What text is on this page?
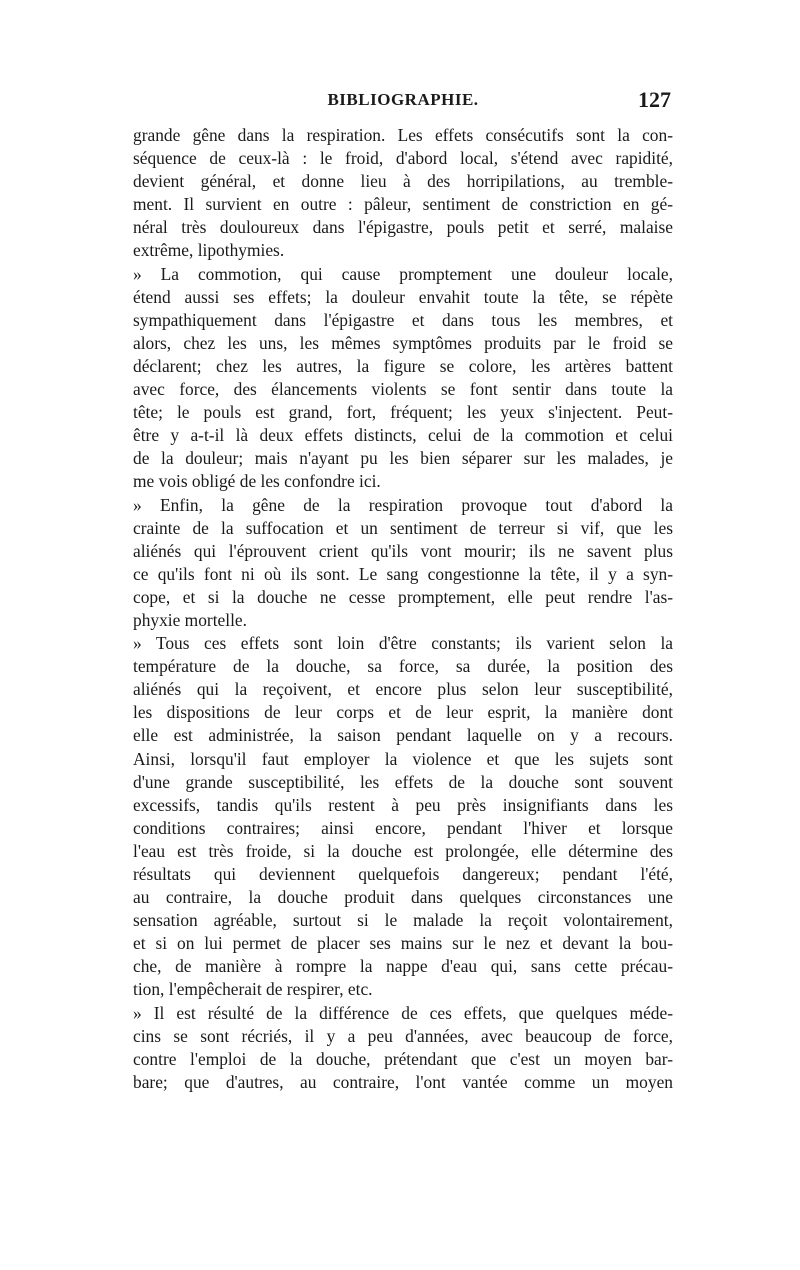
BIBLIOGRAPHIE.	127
grande gêne dans la respiration. Les effets consécutifs sont la con-
séquence de ceux-là : le froid, d'abord local, s'étend avec rapidité,
devient général, et donne lieu à des horripilations, au tremble-
ment. Il survient en outre : pâleur, sentiment de constriction en gé-
néral très douloureux dans l'épigastre, pouls petit et serré, malaise
extrême, lipothymies.
» La commotion, qui cause promptement une douleur locale,
étend aussi ses effets; la douleur envahit toute la tête, se répète
sympathiquement dans l'épigastre et dans tous les membres, et
alors, chez les uns, les mêmes symptômes produits par le froid se
déclarent; chez les autres, la figure se colore, les artères battent
avec force, des élancements violents se font sentir dans toute la
tête; le pouls est grand, fort, fréquent; les yeux s'injectent. Peut-
être y a-t-il là deux effets distincts, celui de la commotion et celui
de la douleur; mais n'ayant pu les bien séparer sur les malades, je
me vois obligé de les confondre ici.
» Enfin, la gêne de la respiration provoque tout d'abord la
crainte de la suffocation et un sentiment de terreur si vif, que les
aliénés qui l'éprouvent crient qu'ils vont mourir; ils ne savent plus
ce qu'ils font ni où ils sont. Le sang congestionne la tête, il y a syn-
cope, et si la douche ne cesse promptement, elle peut rendre l'as-
phyxie mortelle.
» Tous ces effets sont loin d'être constants; ils varient selon la
température de la douche, sa force, sa durée, la position des
aliénés qui la reçoivent, et encore plus selon leur susceptibilité,
les dispositions de leur corps et de leur esprit, la manière dont
elle est administrée, la saison pendant laquelle on y a recours.
Ainsi, lorsqu'il faut employer la violence et que les sujets sont
d'une grande susceptibilité, les effets de la douche sont souvent
excessifs, tandis qu'ils restent à peu près insignifiants dans les
conditions contraires; ainsi encore, pendant l'hiver et lorsque
l'eau est très froide, si la douche est prolongée, elle détermine des
résultats qui deviennent quelquefois dangereux; pendant l'été,
au contraire, la douche produit dans quelques circonstances une
sensation agréable, surtout si le malade la reçoit volontairement,
et si on lui permet de placer ses mains sur le nez et devant la bou-
che, de manière à rompre la nappe d'eau qui, sans cette précau-
tion, l'empêcherait de respirer, etc.
» Il est résulté de la différence de ces effets, que quelques méde-
cins se sont récriés, il y a peu d'années, avec beaucoup de force,
contre l'emploi de la douche, prétendant que c'est un moyen bar-
bare; que d'autres, au contraire, l'ont vantée comme un moyen
